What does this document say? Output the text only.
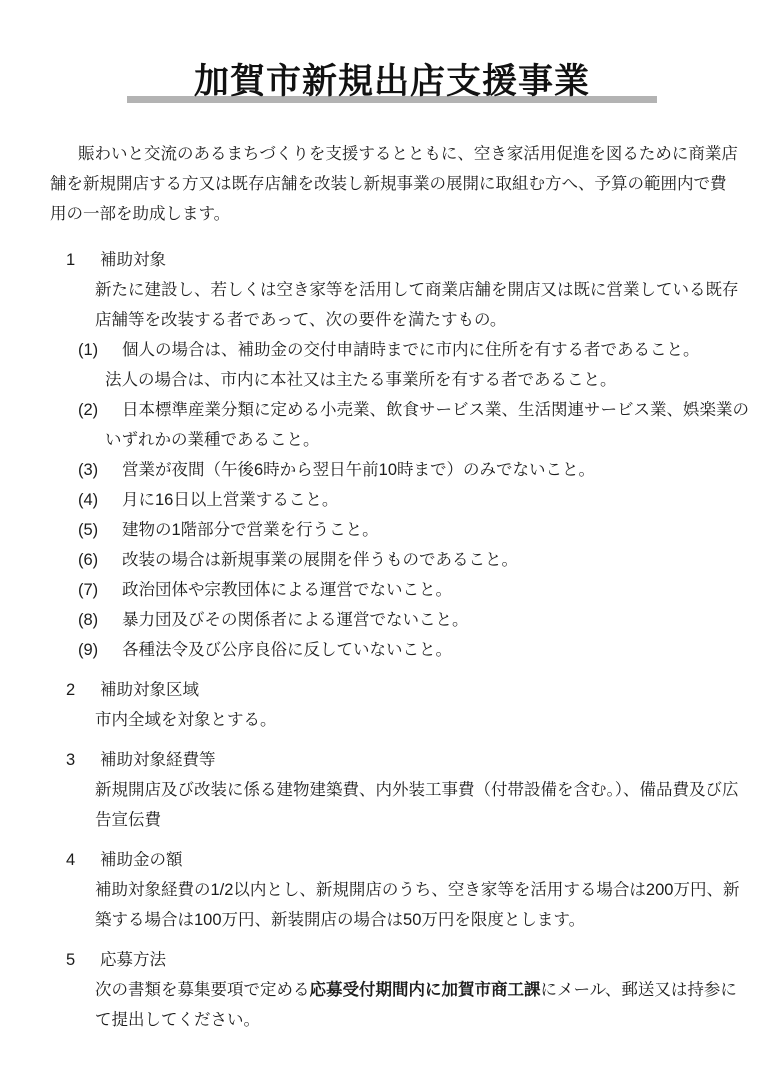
加賀市新規出店支援事業
賑わいと交流のあるまちづくりを支援するとともに、空き家活用促進を図るために商業店
舗を新規開店する方又は既存店舗を改装し新規事業の展開に取組む方へ、予算の範囲内で費
用の一部を助成します。
1	補助対象
新たに建設し、若しくは空き家等を活用して商業店舗を開店又は既に営業している既存
店舗等を改装する者であって、次の要件を満たすもの。
(1)	個人の場合は、補助金の交付申請時までに市内に住所を有する者であること。
法人の場合は、市内に本社又は主たる事業所を有する者であること。
(2)	日本標準産業分類に定める小売業、飲食サービス業、生活関連サービス業、娯楽業の
いずれかの業種であること。
(3)	営業が夜間（午後6時から翌日午前10時まで）のみでないこと。
(4)	月に16日以上営業すること。
(5)	建物の1階部分で営業を行うこと。
(6)	改装の場合は新規事業の展開を伴うものであること。
(7)	政治団体や宗教団体による運営でないこと。
(8)	暴力団及びその関係者による運営でないこと。
(9)	各種法令及び公序良俗に反していないこと。
2	補助対象区域
市内全域を対象とする。
3	補助対象経費等
新規開店及び改装に係る建物建築費、内外装工事費（付帯設備を含む。）、備品費及び広
告宣伝費
4	補助金の額
補助対象経費の1/2以内とし、新規開店のうち、空き家等を活用する場合は200万円、新
築する場合は100万円、新装開店の場合は50万円を限度とします。
5	応募方法
次の書類を募集要項で定める応募受付期間内に加賀市商工課にメール、郵送又は持参に
て提出してください。
